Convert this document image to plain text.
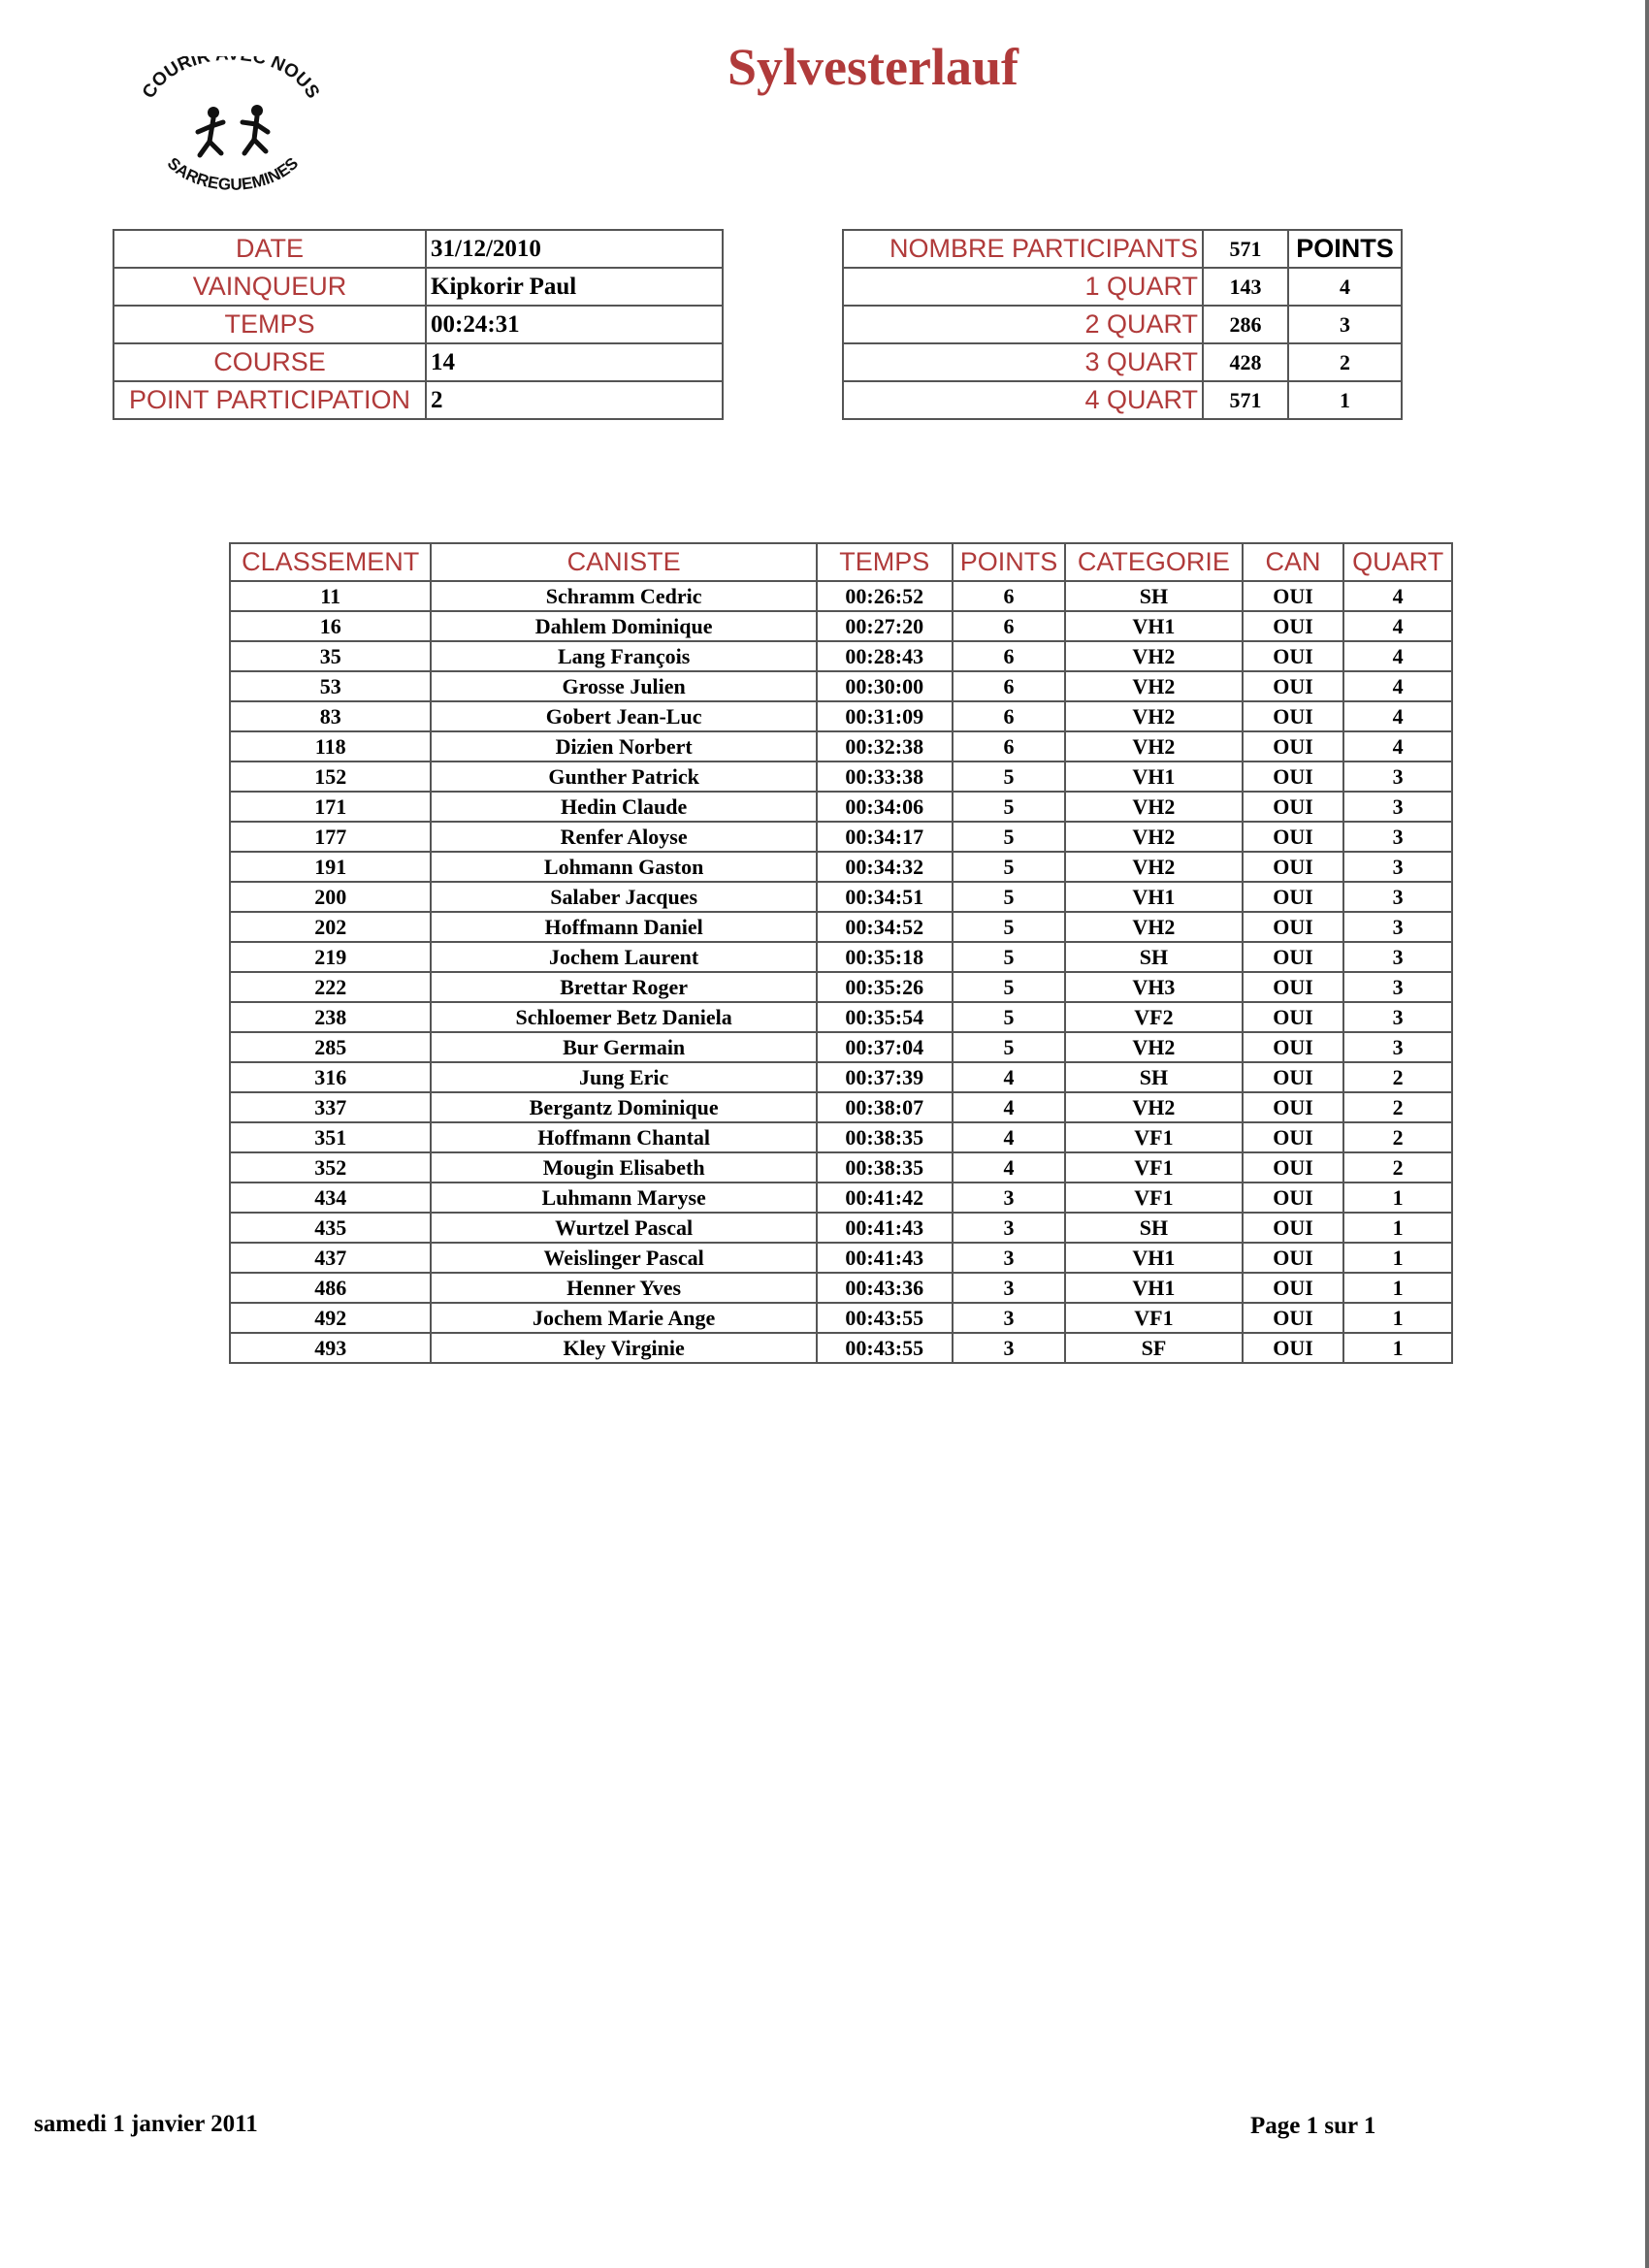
COURIR C NOUS
SARREGUEMINES
Sylvesterlauf
DATE	31/12/2010
VAINQUEUR	Kipkorir Paul
TEMPS	00:24:31
COURSE	14
POINT PARTICIPATION	2
NOMBRE PARTICIPANTS	571	POINTS
1 QUART	143	4
2 QUART	286	3
3 QUART	428	2
4 QUART	571	1
CLASSEMENT	CANISTE	TEMPS	POINTS	CATEGORIE	CAN	QUART
11	Schramm Cedric	00:26:52	6	SH	OUI	4
16	Dahlem Dominique	00:27:20	6	VH1	OUI	4
35	Lang François	00:28:43	6	VH2	OUI	4
53	Grosse Julien	00:30:00	6	VH2	OUI	4
83	Gobert Jean-Luc	00:31:09	6	VH2	OUI	4
118	Dizien Norbert	00:32:38	6	VH2	OUI	4
152	Gunther Patrick	00:33:38	5	VH1	OUI	3
171	Hedin Claude	00:34:06	5	VH2	OUI	3
177	Renfer Aloyse	00:34:17	5	VH2	OUI	3
191	Lohmann Gaston	00:34:32	5	VH2	OUI	3
200	Salaber Jacques	00:34:51	5	VH1	OUI	3
202	Hoffmann Daniel	00:34:52	5	VH2	OUI	3
219	Jochem Laurent	00:35:18	5	SH	OUI	3
222	Brettar Roger	00:35:26	5	VH3	OUI	3
238	Schloemer Betz Daniela	00:35:54	5	VF2	OUI	3
285	Bur Germain	00:37:04	5	VH2	OUI	3
316	Jung Eric	00:37:39	4	SH	OUI	2
337	Bergantz Dominique	00:38:07	4	VH2	OUI	2
351	Hoffmann Chantal	00:38:35	4	VF1	OUI	2
352	Mougin Elisabeth	00:38:35	4	VF1	OUI	2
434	Luhmann Maryse	00:41:42	3	VF1	OUI	1
435	Wurtzel Pascal	00:41:43	3	SH	OUI	1
437	Weislinger Pascal	00:41:43	3	VH1	OUI	1
486	Henner Yves	00:43:36	3	VH1	OUI	1
492	Jochem Marie Ange	00:43:55	3	VF1	OUI	1
493	Kley Virginie	00:43:55	3	SF	OUI	1
samedi 1 janvier 2011	Page 1 sur 1
